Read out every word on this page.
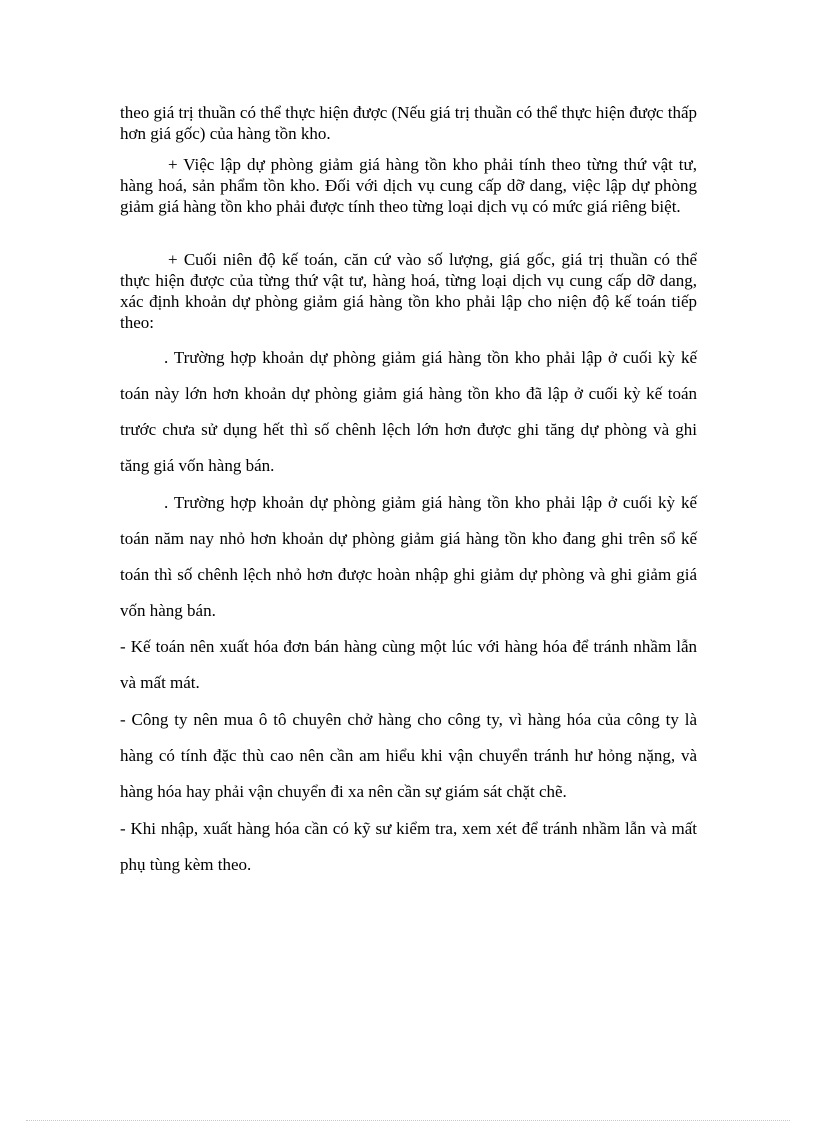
theo giá trị thuần có thể thực hiện được (Nếu giá trị thuần có thể thực hiện được thấp hơn giá gốc) của hàng tồn kho.

+ Việc lập dự phòng giảm giá hàng tồn kho phải tính theo từng thứ vật tư, hàng hoá, sản phẩm tồn kho. Đối với dịch vụ cung cấp dỡ dang, việc lập dự phòng giảm giá hàng tồn kho phải được tính theo từng loại dịch vụ có mức giá riêng biệt.

+ Cuối niên độ kế toán, căn cứ vào số lượng, giá gốc, giá trị thuần có thể thực hiện được của từng thứ vật tư, hàng hoá, từng loại dịch vụ cung cấp dỡ dang, xác định khoản dự phòng giảm giá hàng tồn kho phải lập cho niện độ kế toán tiếp theo:

. Trường hợp khoản dự phòng giảm giá hàng tồn kho phải lập ở cuối kỳ kế toán này lớn hơn khoản dự phòng giảm giá hàng tồn kho đã lập ở cuối kỳ kế toán trước chưa sử dụng hết thì số chênh lệch lớn hơn được ghi tăng dự phòng và ghi tăng giá vốn hàng bán.

. Trường hợp khoản dự phòng giảm giá hàng tồn kho phải lập ở cuối kỳ kế toán năm nay nhỏ hơn khoản dự phòng giảm giá hàng tồn kho đang ghi trên sổ kế toán thì số chênh lệch nhỏ hơn được hoàn nhập ghi giảm dự phòng và ghi giảm giá vốn hàng bán.

- Kế toán nên xuất hóa đơn bán hàng cùng một lúc với hàng hóa để tránh nhầm lẫn và mất mát.

- Công ty nên mua ô tô chuyên chở hàng cho công ty, vì hàng hóa của công ty là hàng có tính đặc thù cao nên cần am hiểu khi vận chuyển tránh hư hỏng nặng, và hàng hóa hay phải vận chuyển đi xa nên cần sự giám sát chặt chẽ.

- Khi nhập, xuất hàng hóa cần có kỹ sư kiểm tra, xem xét để tránh nhầm lẫn và mất phụ tùng kèm theo.
